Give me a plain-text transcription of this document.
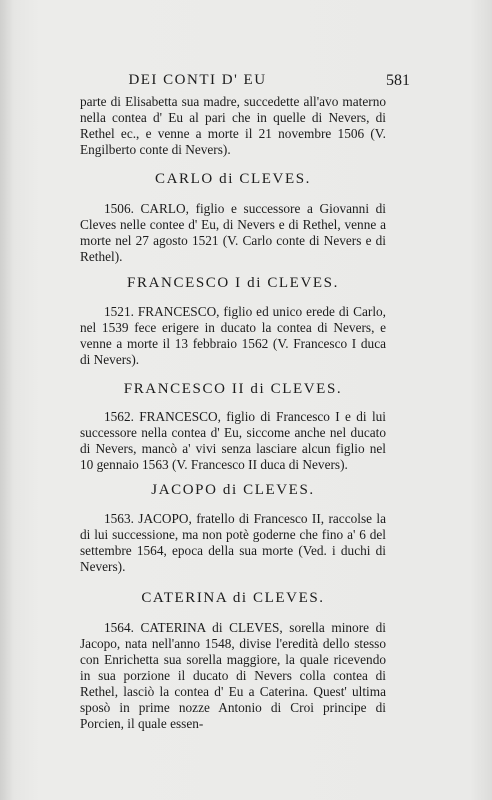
DEI CONTI D' EU	581

parte di Elisabetta sua madre, succedette all'avo materno nella contea d' Eu al pari che in quelle di Nevers, di Rethel ec., e venne a morte il 21 novembre 1506 (V. Engilberto conte di Nevers).

CARLO di CLEVES.

1506. CARLO, figlio e successore a Giovanni di Cleves nelle contee d' Eu, di Nevers e di Rethel, venne a morte nel 27 agosto 1521 (V. Carlo conte di Nevers e di Rethel).

FRANCESCO I di CLEVES.

1521. FRANCESCO, figlio ed unico erede di Carlo, nel 1539 fece erigere in ducato la contea di Nevers, e venne a morte il 13 febbraio 1562 (V. Francesco I duca di Nevers).

FRANCESCO II di CLEVES.

1562. FRANCESCO, figlio di Francesco I e di lui successore nella contea d' Eu, siccome anche nel ducato di Nevers, mancò a' vivi senza lasciare alcun figlio nel 10 gennaio 1563 (V. Francesco II duca di Nevers).

JACOPO di CLEVES.

1563. JACOPO, fratello di Francesco II, raccolse la di lui successione, ma non potè goderne che fino a' 6 del settembre 1564, epoca della sua morte (Ved. i duchi di Nevers).

CATERINA di CLEVES.

1564. CATERINA di CLEVES, sorella minore di Jacopo, nata nell'anno 1548, divise l'eredità dello stesso con Enrichetta sua sorella maggiore, la quale ricevendo in sua porzione il ducato di Nevers colla contea di Rethel, lasciò la contea d' Eu a Caterina. Quest' ultima sposò in prime nozze Antonio di Croi principe di Porcien, il quale essen-
